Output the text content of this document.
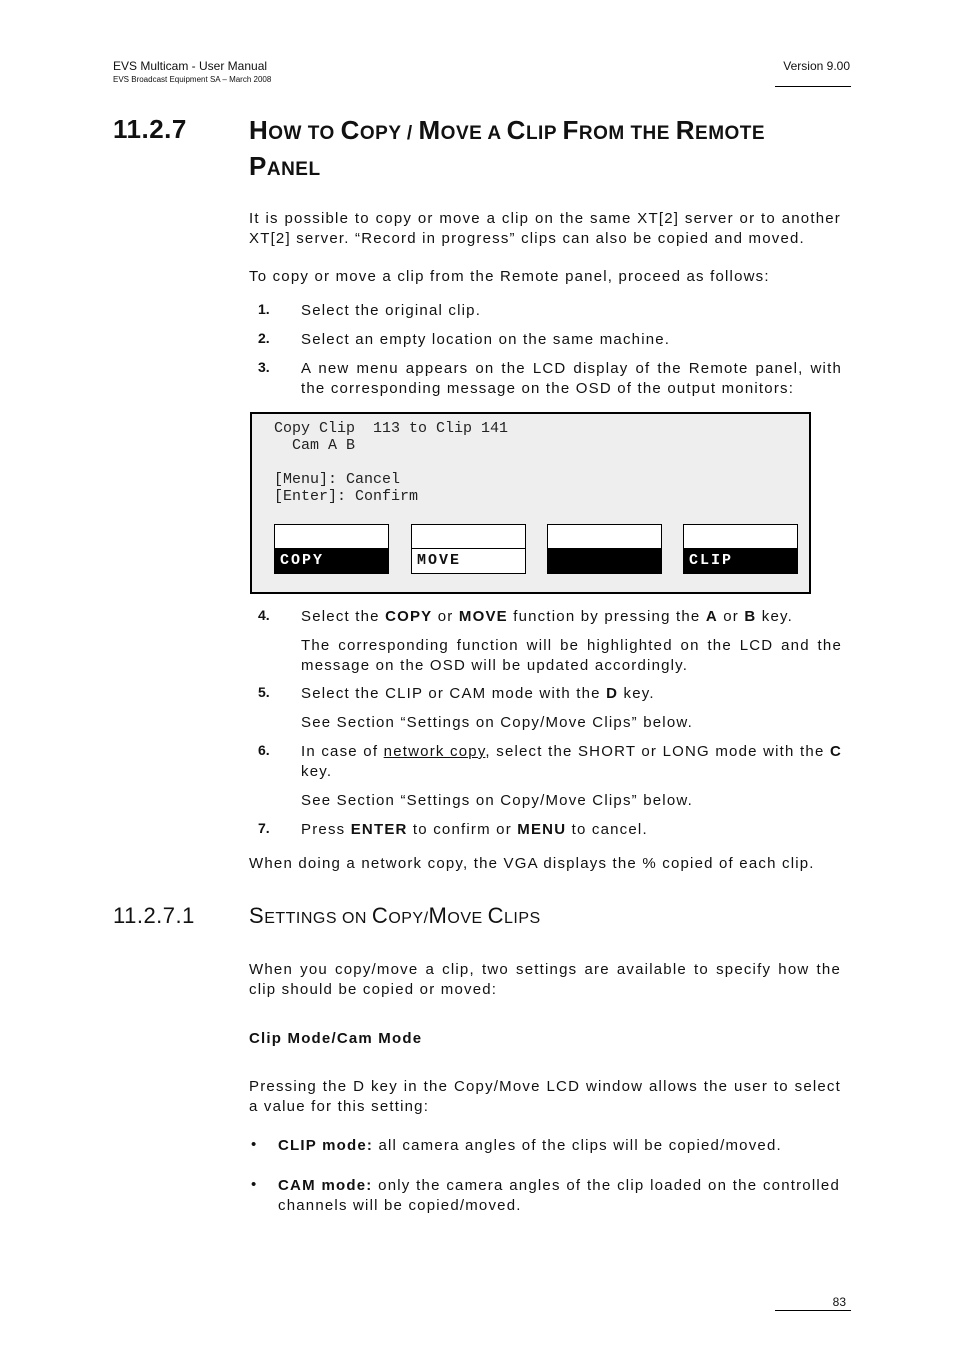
EVS Multicam - User Manual
EVS Broadcast Equipment SA – March 2008
Version 9.00
11.2.7 HOW TO COPY / MOVE A CLIP FROM THE REMOTE
PANEL
It is possible to copy or move a clip on the same XT[2] server or to another XT[2] server. “Record in progress” clips can also be copied and moved.
To copy or move a clip from the Remote panel, proceed as follows:
1. Select the original clip.
2. Select an empty location on the same machine.
3. A new menu appears on the LCD display of the Remote panel, with the corresponding message on the OSD of the output monitors:
Copy Clip  113 to Clip 141
Cam A B

[Menu]: Cancel
[Enter]: Confirm
COPY	MOVE	CLIP
4. Select the COPY or MOVE function by pressing the A or B key.
The corresponding function will be highlighted on the LCD and the message on the OSD will be updated accordingly.
5. Select the CLIP or CAM mode with the D key.
See Section “Settings on Copy/Move Clips” below.
6. In case of network copy, select the SHORT or LONG mode with the C key.
See Section “Settings on Copy/Move Clips” below.
7. Press ENTER to confirm or MENU to cancel.
When doing a network copy, the VGA displays the % copied of each clip.
11.2.7.1 SETTINGS ON COPY/MOVE CLIPS
When you copy/move a clip, two settings are available to specify how the clip should be copied or moved:
Clip Mode/Cam Mode
Pressing the D key in the Copy/Move LCD window allows the user to select a value for this setting:
• CLIP mode: all camera angles of the clips will be copied/moved.
• CAM mode: only the camera angles of the clip loaded on the controlled channels will be copied/moved.
83
